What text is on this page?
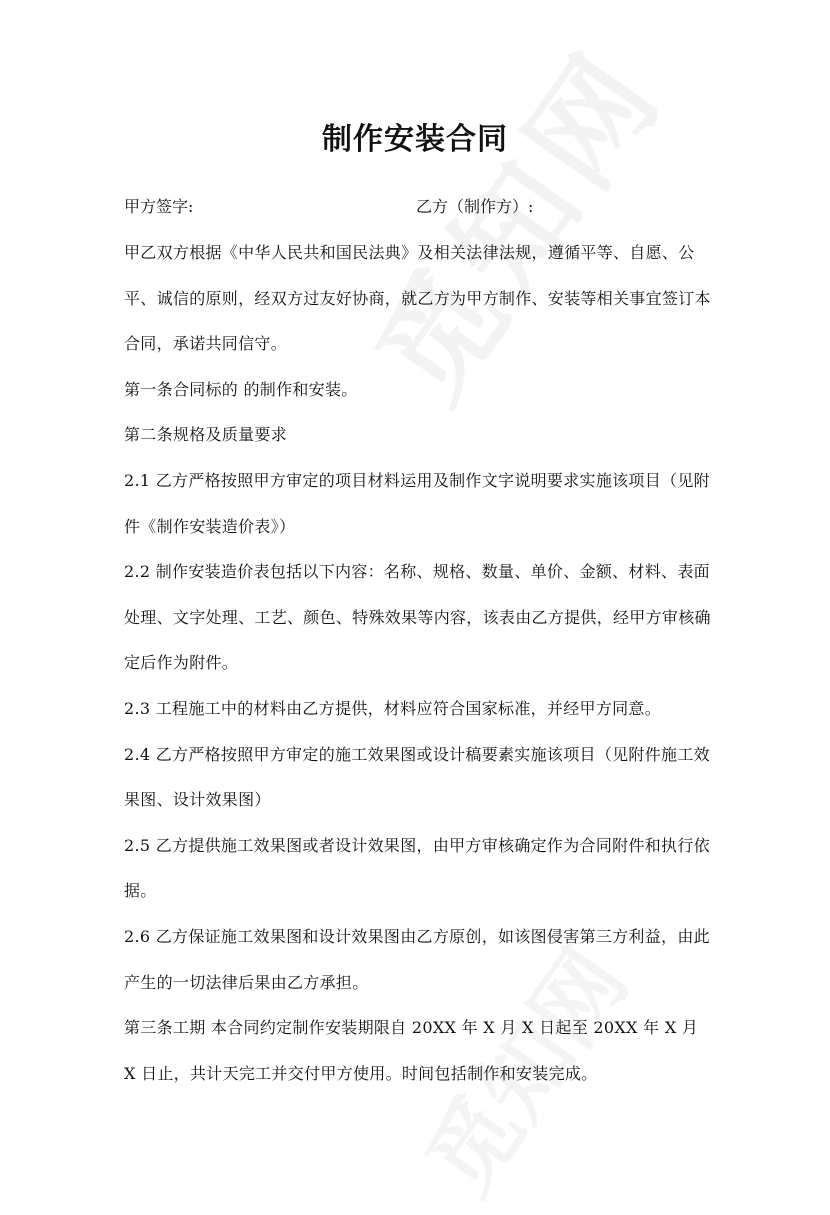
制作安装合同
甲方签字:	乙方（制作方）:

甲乙双方根据《中华人民共和国民法典》及相关法律法规，遵循平等、自愿、公平、诚信的原则，经双方过友好协商，就乙方为甲方制作、安装等相关事宜签订本合同，承诺共同信守。

第一条合同标的 的制作和安装。

第二条规格及质量要求

2.1 乙方严格按照甲方审定的项目材料运用及制作文字说明要求实施该项目（见附件《制作安装造价表》）

2.2 制作安装造价表包括以下内容：名称、规格、数量、单价、金额、材料、表面处理、文字处理、工艺、颜色、特殊效果等内容，该表由乙方提供，经甲方审核确定后作为附件。

2.3 工程施工中的材料由乙方提供，材料应符合国家标准，并经甲方同意。

2.4 乙方严格按照甲方审定的施工效果图或设计稿要素实施该项目（见附件施工效果图、设计效果图）

2.5 乙方提供施工效果图或者设计效果图，由甲方审核确定作为合同附件和执行依据。

2.6 乙方保证施工效果图和设计效果图由乙方原创，如该图侵害第三方利益，由此产生的一切法律后果由乙方承担。

第三条工期 本合同约定制作安装期限自 20XX 年 X 月 X 日起至 20XX 年 X 月 X 日止，共计天完工并交付甲方使用。时间包括制作和安装完成。
